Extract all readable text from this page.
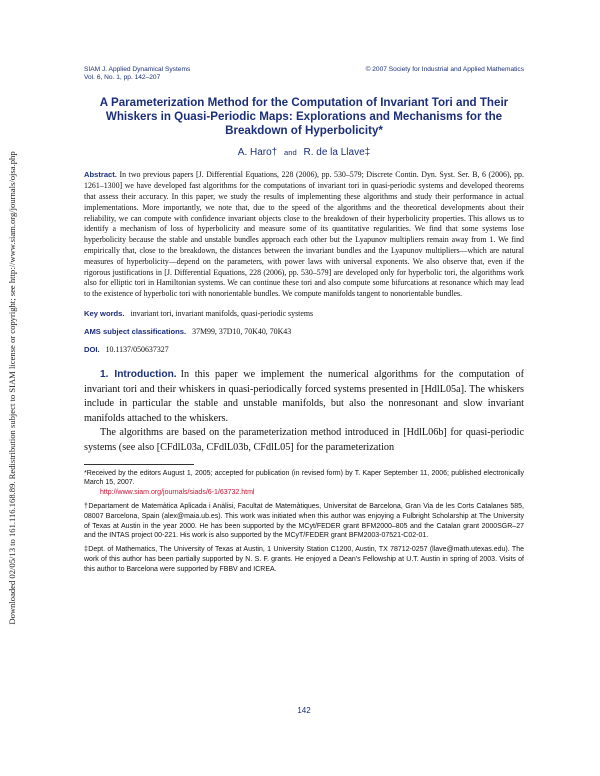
Downloaded 02/05/13 to 161.116.168.89. Redistribution subject to SIAM license or copyright; see http://www.siam.org/journals/ojsa.php
SIAM J. Applied Dynamical Systems
Vol. 6, No. 1, pp. 142–207
© 2007 Society for Industrial and Applied Mathematics
A Parameterization Method for the Computation of Invariant Tori and Their Whiskers in Quasi-Periodic Maps: Explorations and Mechanisms for the Breakdown of Hyperbolicity*
A. Haro† and R. de la Llave‡
Abstract. In two previous papers [J. Differential Equations, 228 (2006), pp. 530–579; Discrete Contin. Dyn. Syst. Ser. B, 6 (2006), pp. 1261–1300] we have developed fast algorithms for the computations of invariant tori in quasi-periodic systems and developed theorems that assess their accuracy. In this paper, we study the results of implementing these algorithms and study their performance in actual implementations. More importantly, we note that, due to the speed of the algorithms and the theoretical developments about their reliability, we can compute with confidence invariant objects close to the breakdown of their hyperbolicity properties. This allows us to identify a mechanism of loss of hyperbolicity and measure some of its quantitative regularities. We find that some systems lose hyperbolicity because the stable and unstable bundles approach each other but the Lyapunov multipliers remain away from 1. We find empirically that, close to the breakdown, the distances between the invariant bundles and the Lyapunov multipliers—which are natural measures of hyperbolicity—depend on the parameters, with power laws with universal exponents. We also observe that, even if the rigorous justifications in [J. Differential Equations, 228 (2006), pp. 530–579] are developed only for hyperbolic tori, the algorithms work also for elliptic tori in Hamiltonian systems. We can continue these tori and also compute some bifurcations at resonance which may lead to the existence of hyperbolic tori with nonorientable bundles. We compute manifolds tangent to nonorientable bundles.
Key words. invariant tori, invariant manifolds, quasi-periodic systems
AMS subject classifications. 37M99, 37D10, 70K40, 70K43
DOI. 10.1137/050637327

1. Introduction. In this paper we implement the numerical algorithms for the computation of invariant tori and their whiskers in quasi-periodically forced systems presented in [HdlL05a]. The whiskers include in particular the stable and unstable manifolds, but also the nonresonant and slow invariant manifolds attached to the whiskers.

The algorithms are based on the parameterization method introduced in [HdlL06b] for quasi-periodic systems (see also [CFdlL03a, CFdlL03b, CFdlL05] for the parameterization

*Received by the editors August 1, 2005; accepted for publication (in revised form) by T. Kaper September 11, 2006; published electronically March 15, 2007.
http://www.siam.org/journals/siads/6-1/63732.html
†Departament de Matemàtica Aplicada i Anàlisi, Facultat de Matemàtiques, Universitat de Barcelona, Gran Via de les Corts Catalanes 585, 08007 Barcelona, Spain (alex@maia.ub.es). This work was initiated when this author was enjoying a Fulbright Scholarship at The University of Texas at Austin in the year 2000. He has been supported by the MCyt/FEDER grant BFM2000–805 and the Catalan grant 2000SGR–27 and the INTAS project 00-221. His work is also supported by the MCyT/FEDER grant BFM2003-07521-C02-01.
‡Dept. of Mathematics, The University of Texas at Austin, 1 University Station C1200, Austin, TX 78712-0257 (llave@math.utexas.edu). The work of this author has been partially supported by N. S. F. grants. He enjoyed a Dean's Fellowship at U.T. Austin in spring of 2003. Visits of this author to Barcelona were supported by FBBV and ICREA.
142
